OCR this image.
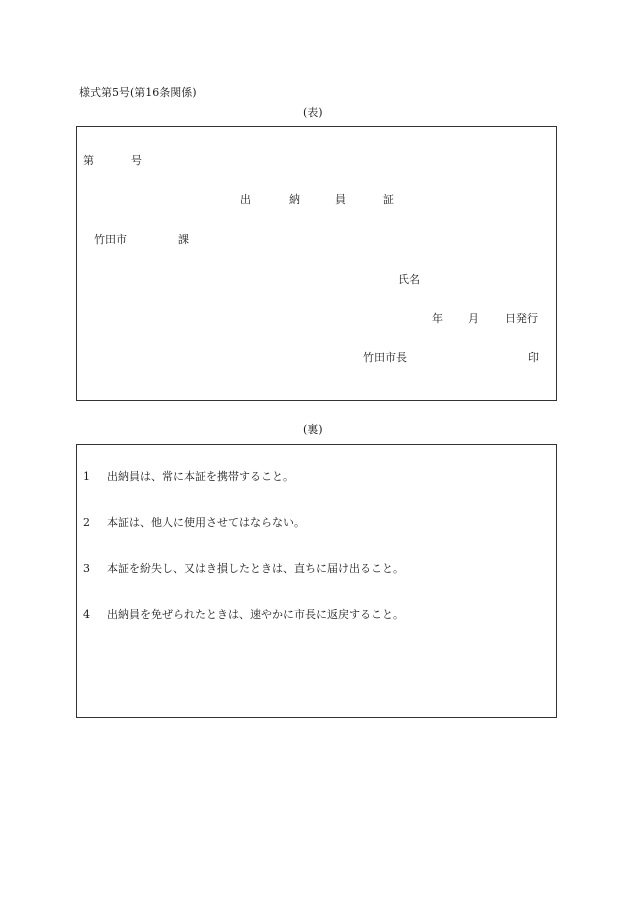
様式第5号(第16条関係)
(表)
第	号
出	納	員	証
竹田市	課
氏名
年 月 日発行
竹田市長	印
(裏)
1 出納員は、常に本証を携帯すること。
2 本証は、他人に使用させてはならない。
3 本証を紛失し、又はき損したときは、直ちに届け出ること。
4 出納員を免ぜられたときは、速やかに市長に返戻すること。
